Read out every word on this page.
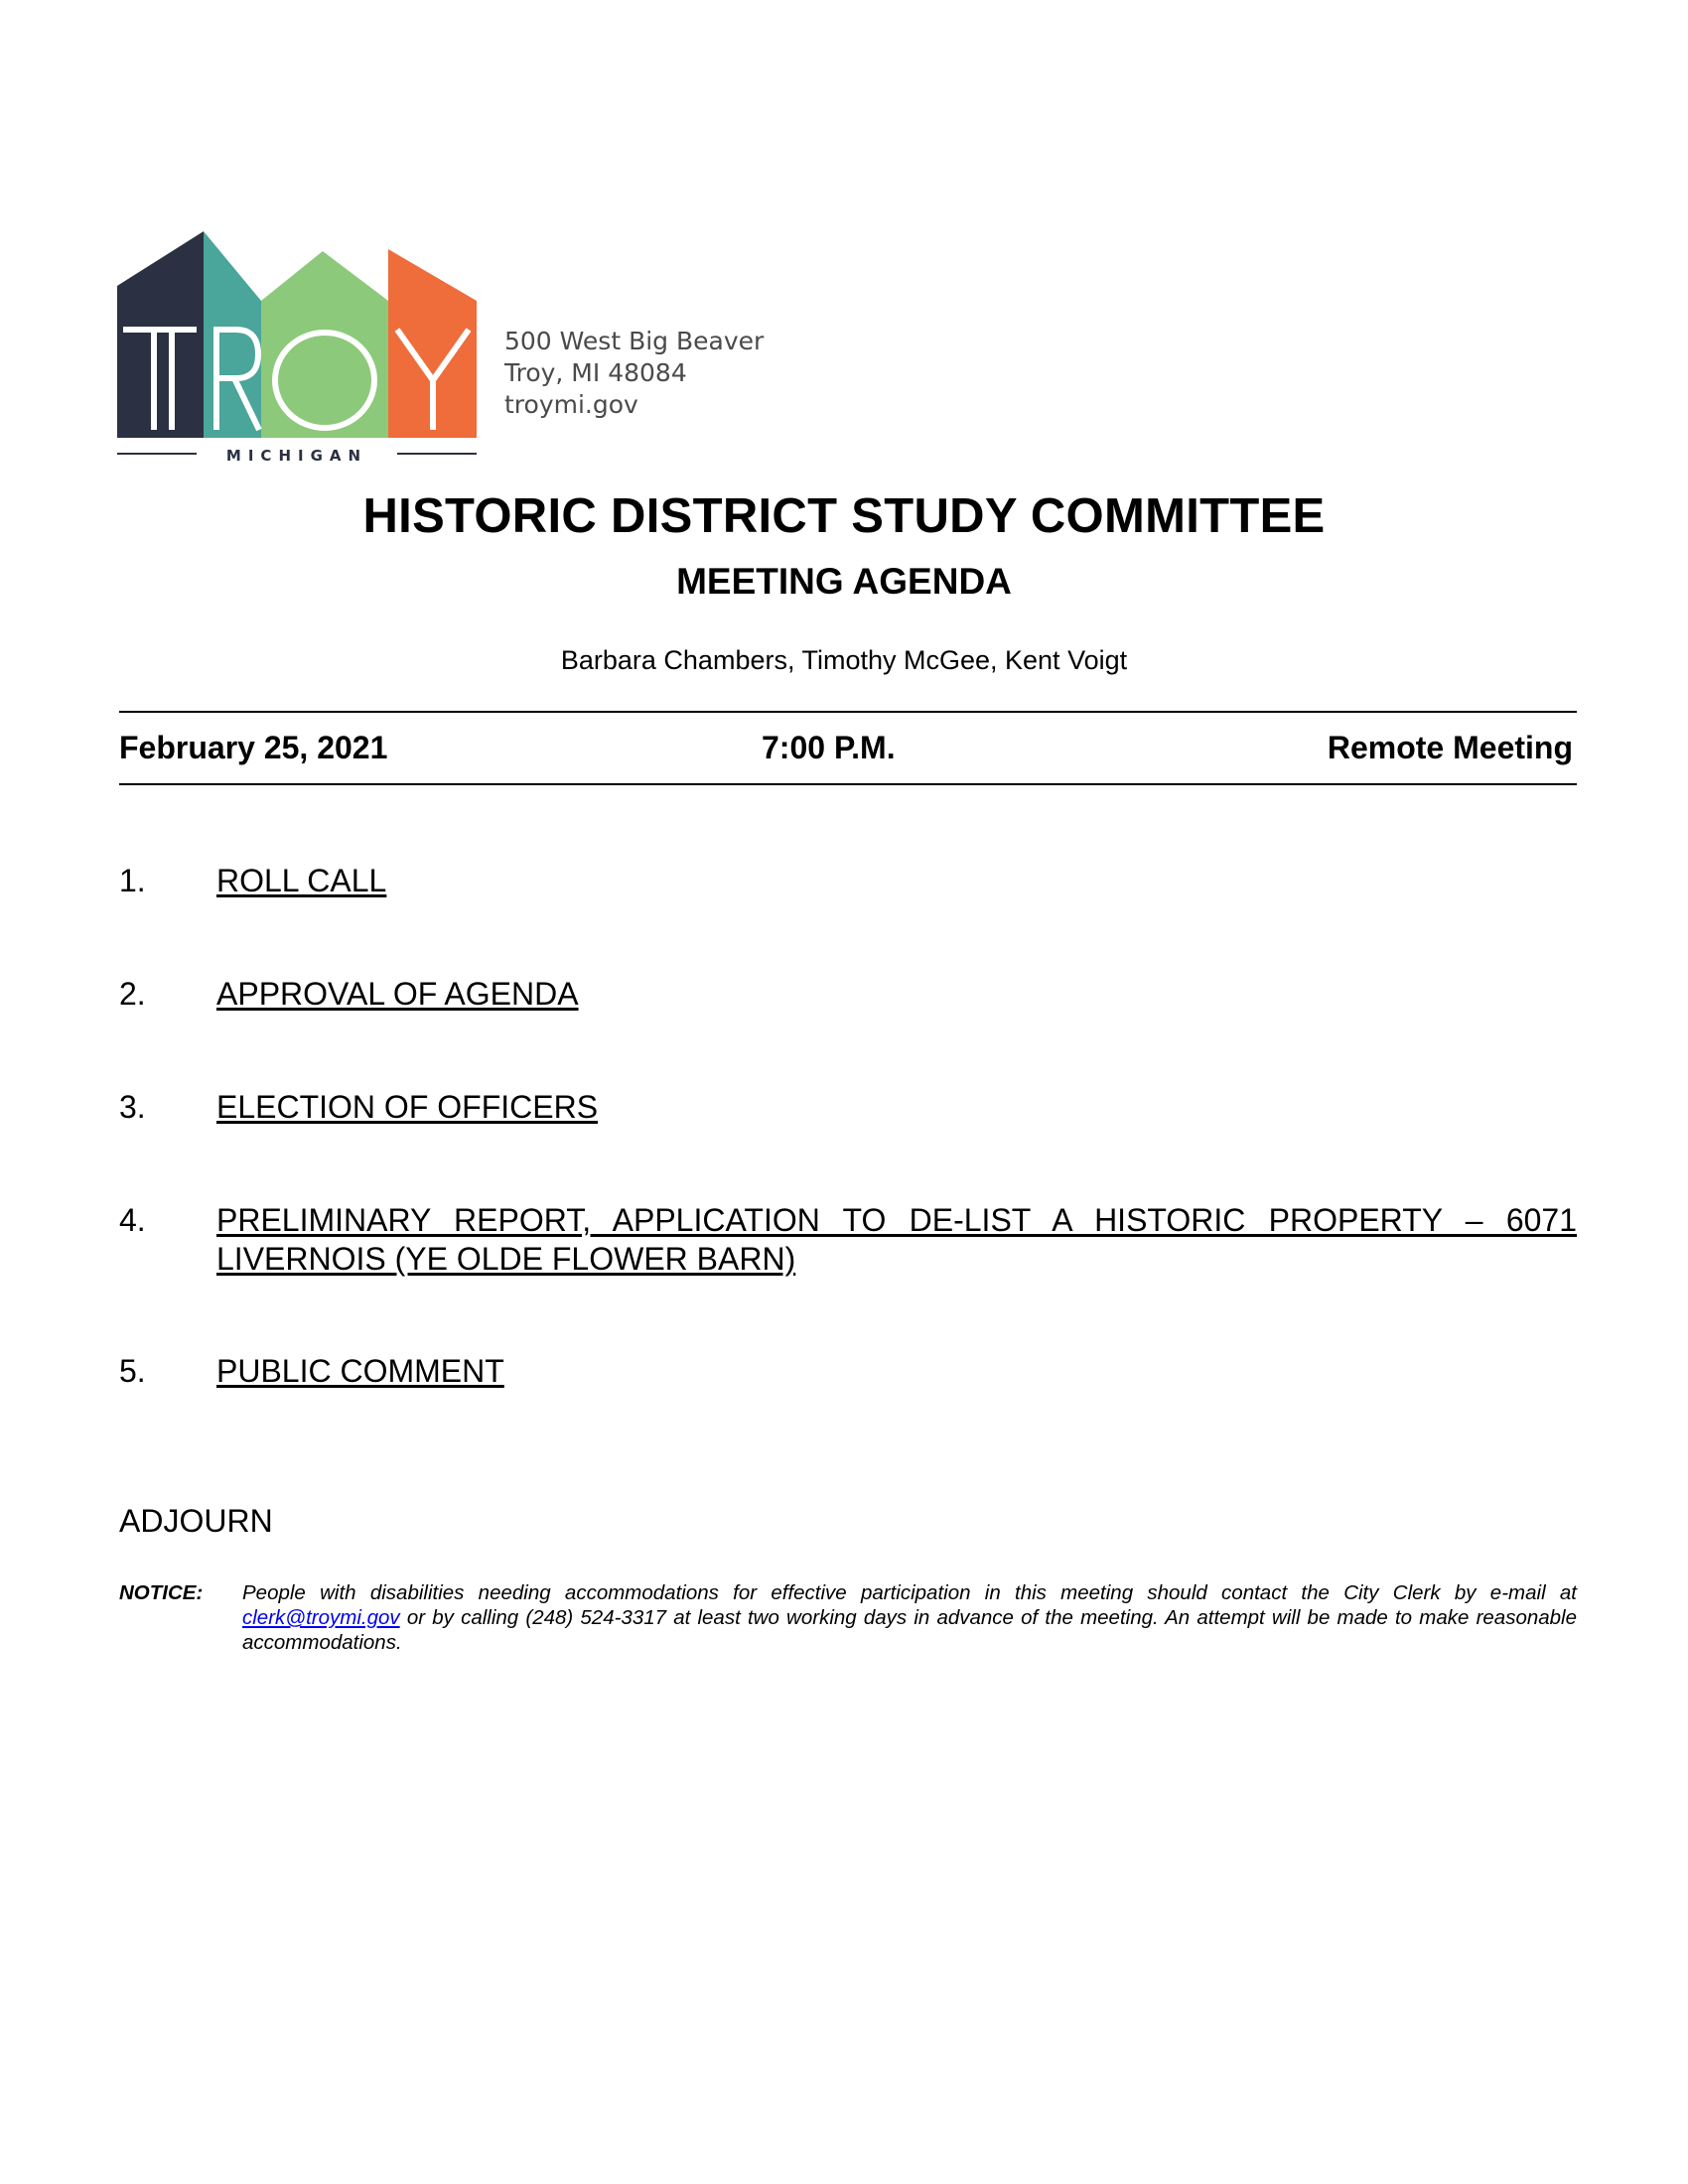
MICHIGAN
500 West Big Beaver
Troy, MI 48084
troymi.gov
HISTORIC DISTRICT STUDY COMMITTEE
MEETING AGENDA
Barbara Chambers, Timothy McGee, Kent Voigt
February 25, 2021	7:00 P.M.	Remote Meeting
1. ROLL CALL
2. APPROVAL OF AGENDA
3. ELECTION OF OFFICERS
4. PRELIMINARY REPORT, APPLICATION TO DE-LIST A HISTORIC PROPERTY – 6071
LIVERNOIS (YE OLDE FLOWER BARN)
5. PUBLIC COMMENT
ADJOURN
NOTICE: People with disabilities needing accommodations for effective participation in this meeting should contact the City Clerk by e-mail at clerk@troymi.gov or by calling (248) 524-3317 at least two working days in advance of the meeting. An attempt will be made to make reasonable accommodations.
